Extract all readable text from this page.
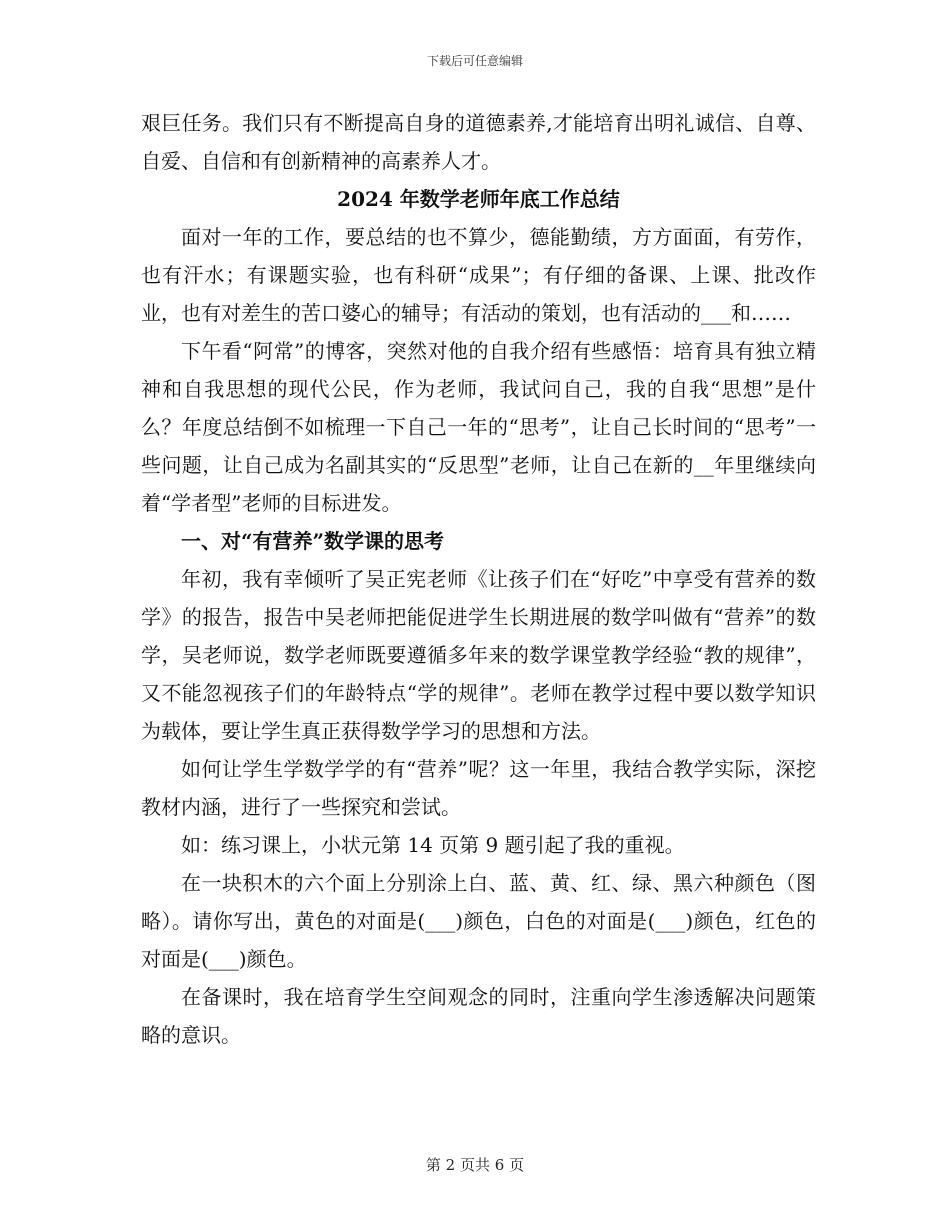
下载后可任意编辑

艰巨任务。我们只有不断提高自身的道德素养,才能培育出明礼诚信、自尊、自爱、自信和有创新精神的高素养人才。

2024 年数学老师年底工作总结

面对一年的工作，要总结的也不算少，德能勤绩，方方面面，有劳作，也有汗水；有课题实验，也有科研“成果”；有仔细的备课、上课、批改作业，也有对差生的苦口婆心的辅导；有活动的策划，也有活动的___和……

下午看“阿常”的博客，突然对他的自我介绍有些感悟：培育具有独立精神和自我思想的现代公民，作为老师，我试问自己，我的自我“思想”是什么？年度总结倒不如梳理一下自己一年的“思考”，让自己长时间的“思考”一些问题，让自己成为名副其实的“反思型”老师，让自己在新的__年里继续向着“学者型”老师的目标进发。

一、对“有营养”数学课的思考

年初，我有幸倾听了吴正宪老师《让孩子们在“好吃”中享受有营养的数学》的报告，报告中吴老师把能促进学生长期进展的数学叫做有“营养”的数学，吴老师说，数学老师既要遵循多年来的数学课堂教学经验“教的规律”，又不能忽视孩子们的年龄特点“学的规律”。老师在教学过程中要以数学知识为载体，要让学生真正获得数学学习的思想和方法。

如何让学生学数学学的有“营养”呢？这一年里，我结合教学实际，深挖教材内涵，进行了一些探究和尝试。

如：练习课上，小状元第 14 页第 9 题引起了我的重视。

在一块积木的六个面上分别涂上白、蓝、黄、红、绿、黑六种颜色（图略）。请你写出，黄色的对面是(___)颜色，白色的对面是(___)颜色，红色的对面是(___)颜色。

在备课时，我在培育学生空间观念的同时，注重向学生渗透解决问题策略的意识。

第 2 页共 6 页
